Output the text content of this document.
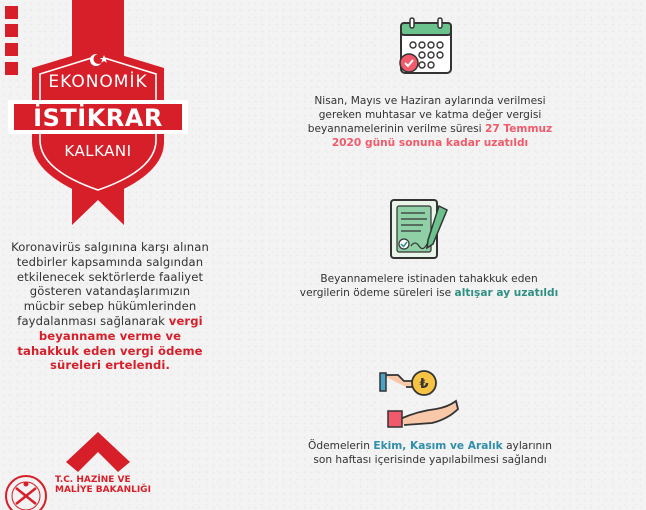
EKONOMİK
İSTİKRAR
KALKANI
Koronavirüs salgınına karşı alınan tedbirler kapsamında salgından etkilenecek sektörlerde faaliyet gösteren vatandaşlarımızın mücbir sebep hükümlerinden faydalanması sağlanarak vergi beyanname verme ve tahakkuk eden vergi ödeme süreleri ertelendi.
T.C. HAZİNE VE
MALİYE BAKANLIĞI
Nisan, Mayıs ve Haziran aylarında verilmesi gereken muhtasar ve katma değer vergisi beyannamelerinin verilme süresi 27 Temmuz 2020 günü sonuna kadar uzatıldı
Beyannamelere istinaden tahakkuk eden vergilerin ödeme süreleri ise altışar ay uzatıldı
₺
Ödemelerin Ekim, Kasım ve Aralık aylarının son haftası içerisinde yapılabilmesi sağlandı
